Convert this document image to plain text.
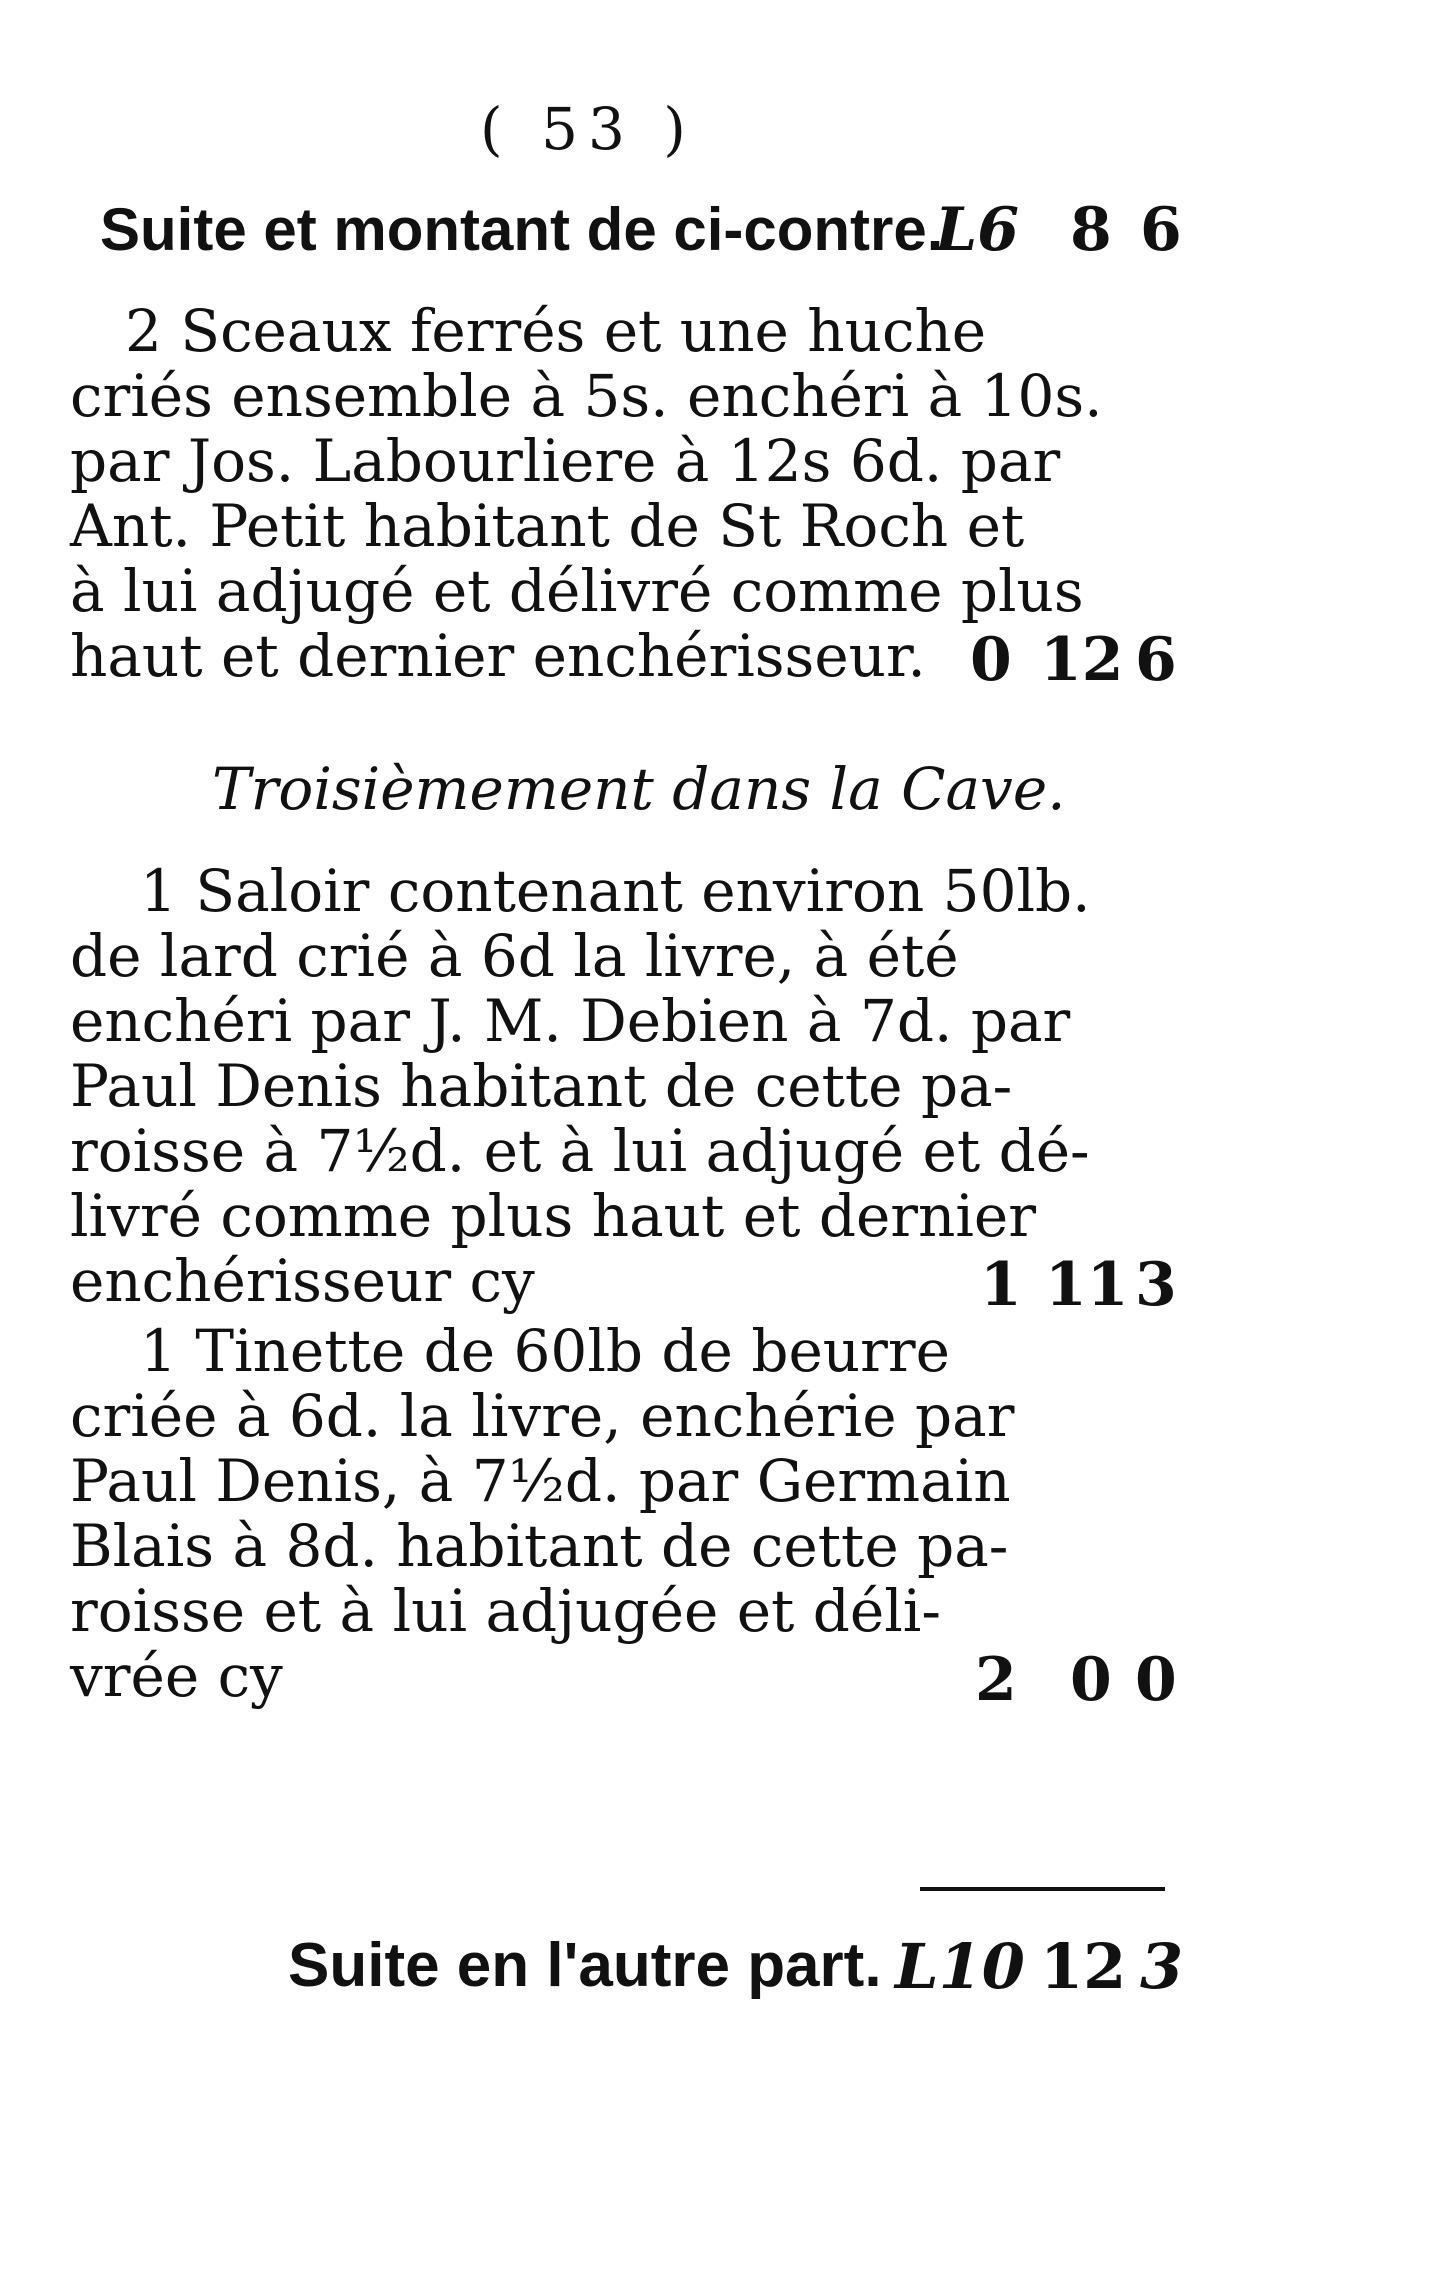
( 53 )
Suite et montant de ci-contre.
L6 8 6
2 Sceaux ferrés et une huche
criés ensemble à 5s. enchéri à 10s.
par Jos. Labourliere à 12s 6d. par
Ant. Petit habitant de St Roch et
à lui adjugé et délivré comme plus
haut et dernier enchérisseur. 0 12 6
Troisièmement dans la Cave.
1 Saloir contenant environ 50lb.
de lard crié à 6d la livre, à été
enchéri par J. M. Debien à 7d. par
Paul Denis habitant de cette pa-
roisse à 7½d. et à lui adjugé et dé-
livré comme plus haut et dernier
enchérisseur cy	1 11 3
1 Tinette de 60lb de beurre
criée à 6d. la livre, enchérie par
Paul Denis, à 7½d. par Germain
Blais à 8d. habitant de cette pa-
roisse et à lui adjugée et déli-
vrée cy	2 0 0
Suite en l'autre part. L10 12 3
